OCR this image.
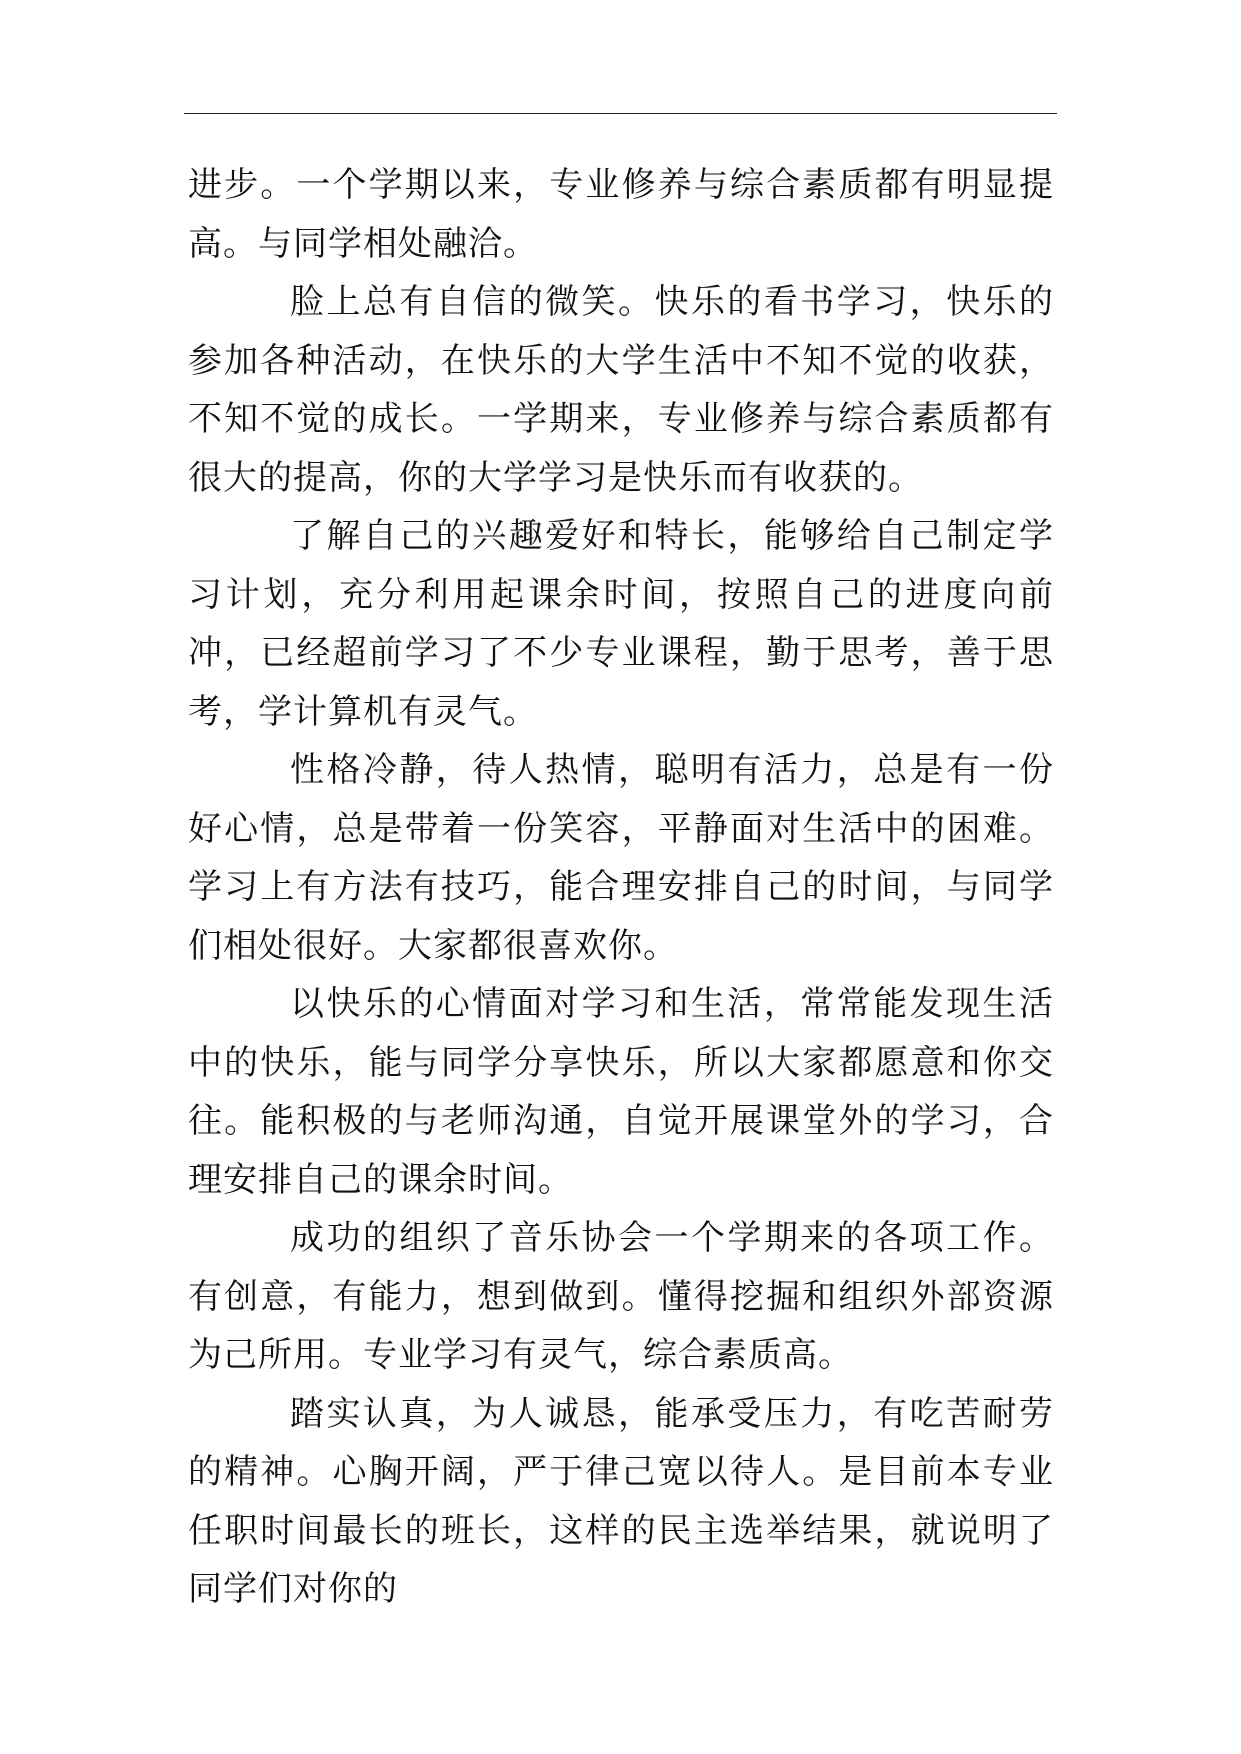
进步。一个学期以来，专业修养与综合素质都有明显提高。与同学相处融洽。

脸上总有自信的微笑。快乐的看书学习，快乐的参加各种活动，在快乐的大学生活中不知不觉的收获，不知不觉的成长。一学期来，专业修养与综合素质都有很大的提高，你的大学学习是快乐而有收获的。

了解自己的兴趣爱好和特长，能够给自己制定学习计划，充分利用起课余时间，按照自己的进度向前冲，已经超前学习了不少专业课程，勤于思考，善于思考，学计算机有灵气。

性格冷静，待人热情，聪明有活力，总是有一份好心情，总是带着一份笑容，平静面对生活中的困难。学习上有方法有技巧，能合理安排自己的时间，与同学们相处很好。大家都很喜欢你。

以快乐的心情面对学习和生活，常常能发现生活中的快乐，能与同学分享快乐，所以大家都愿意和你交往。能积极的与老师沟通，自觉开展课堂外的学习，合理安排自己的课余时间。

成功的组织了音乐协会一个学期来的各项工作。有创意，有能力，想到做到。懂得挖掘和组织外部资源为己所用。专业学习有灵气，综合素质高。

踏实认真，为人诚恳，能承受压力，有吃苦耐劳的精神。心胸开阔，严于律己宽以待人。是目前本专业任职时间最长的班长，这样的民主选举结果，就说明了同学们对你的
